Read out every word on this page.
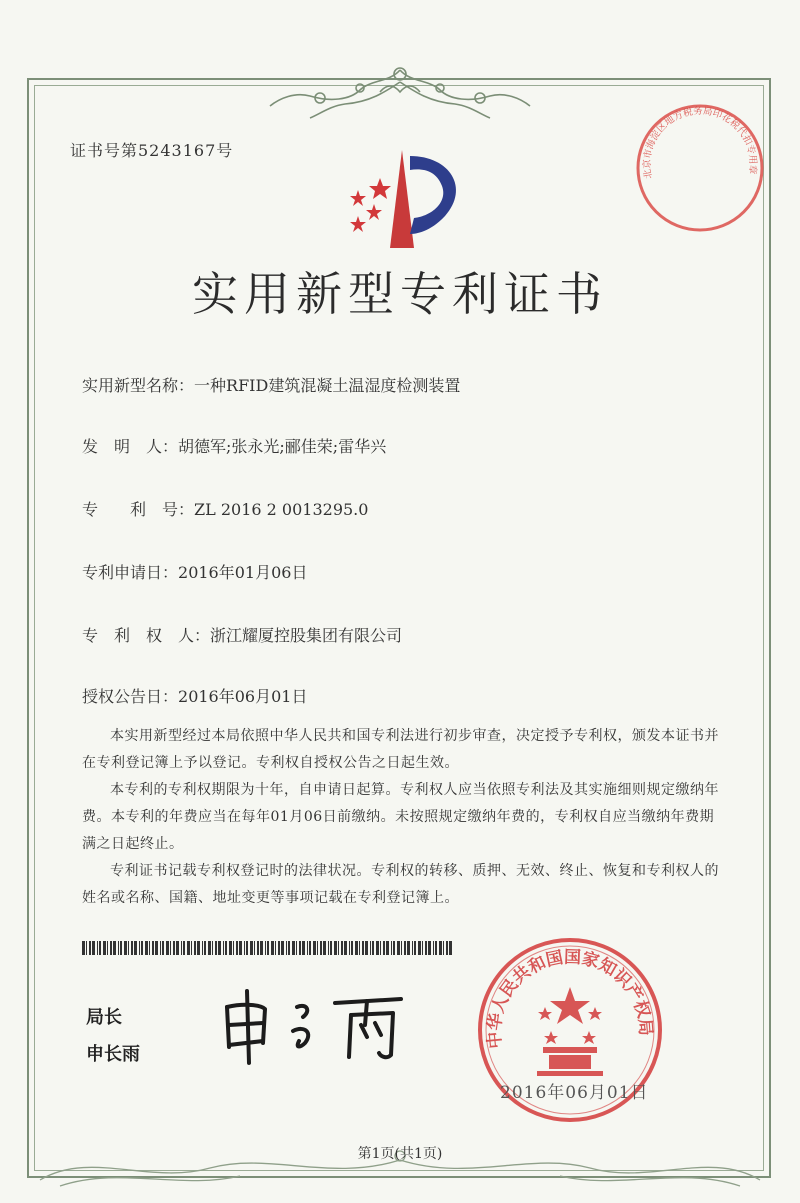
证书号第5243167号
实用新型专利证书
实用新型名称：一种RFID建筑混凝土温湿度检测装置
发　明　人：胡德军;张永光;郦佳荣;雷华兴
专　　利　号：ZL 2016 2 0013295.0
专利申请日：2016年01月06日
专　利　权　人：浙江耀厦控股集团有限公司
授权公告日：2016年06月01日

本实用新型经过本局依照中华人民共和国专利法进行初步审查，决定授予专利权，颁发本证书并在专利登记簿上予以登记。专利权自授权公告之日起生效。

本专利的专利权期限为十年，自申请日起算。专利权人应当依照专利法及其实施细则规定缴纳年费。本专利的年费应当在每年01月06日前缴纳。未按照规定缴纳年费的，专利权自应当缴纳年费期满之日起终止。

专利证书记载专利权登记时的法律状况。专利权的转移、质押、无效、终止、恢复和专利权人的姓名或名称、国籍、地址变更等事项记载在专利登记簿上。

局长
申长雨
中华人民共和国国家知识产权局
2016年06月01日
北京市海淀区地方税务局印花税代扣专用章
第1页(共1页)
